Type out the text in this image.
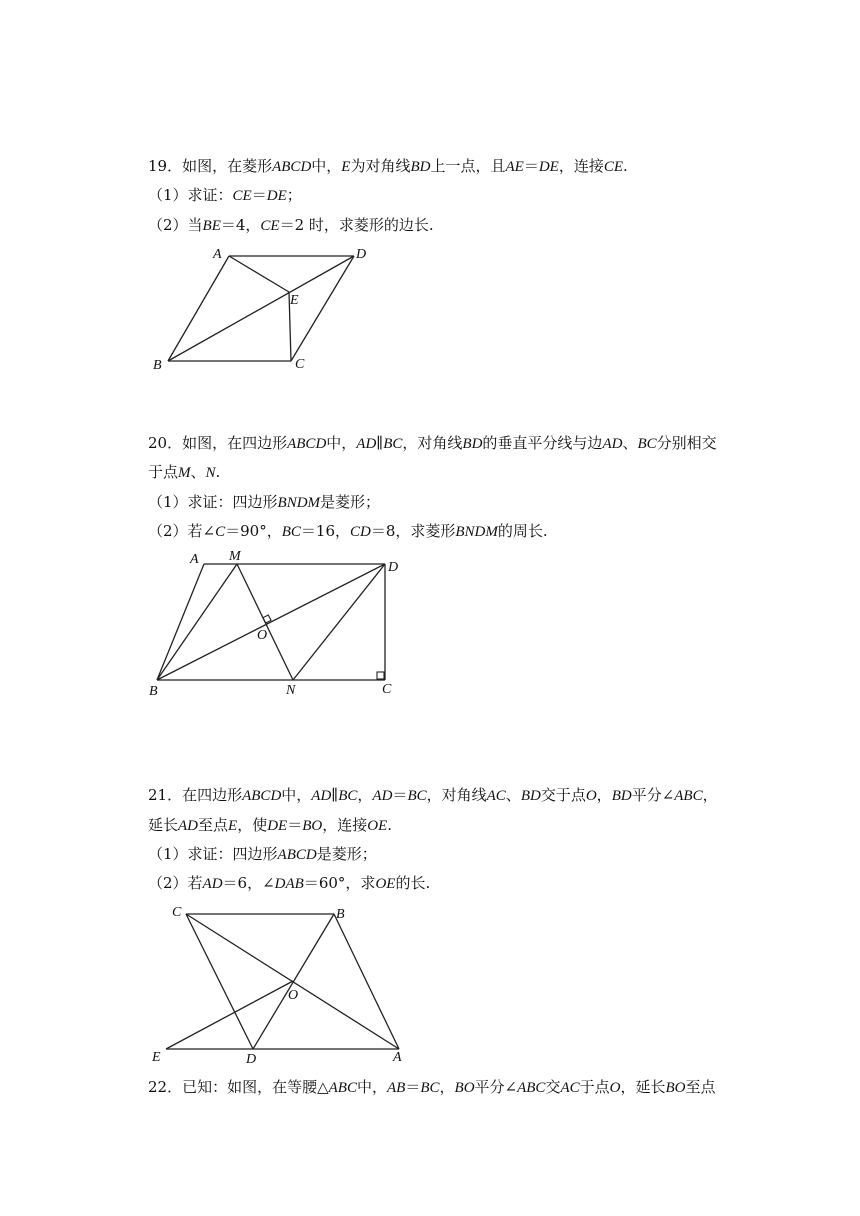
19．如图，在菱形ABCD中，E为对角线BD上一点，且AE＝DE，连接CE.
（1）求证：CE＝DE；
（2）当BE＝4，CE＝2 时，求菱形的边长.
A	D
E
B	C
20．如图，在四边形ABCD中，AD∥BC，对角线BD的垂直平分线与边AD、BC分别相交
于点M、N.
（1）求证：四边形BNDM是菱形；
（2）若∠C＝90°，BC＝16，CD＝8，求菱形BNDM的周长.
A M
D
O
B	N	C
21．在四边形ABCD中，AD∥BC，AD＝BC，对角线AC、BD交于点O，BD平分∠ABC，
延长AD至点E，使DE＝BO，连接OE.
（1）求证：四边形ABCD是菱形；
（2）若AD＝6，∠DAB＝60°，求OE的长.
C	B
O
E	D	A
22．已知：如图，在等腰△ABC中，AB＝BC，BO平分∠ABC交AC于点O，延长BO至点
